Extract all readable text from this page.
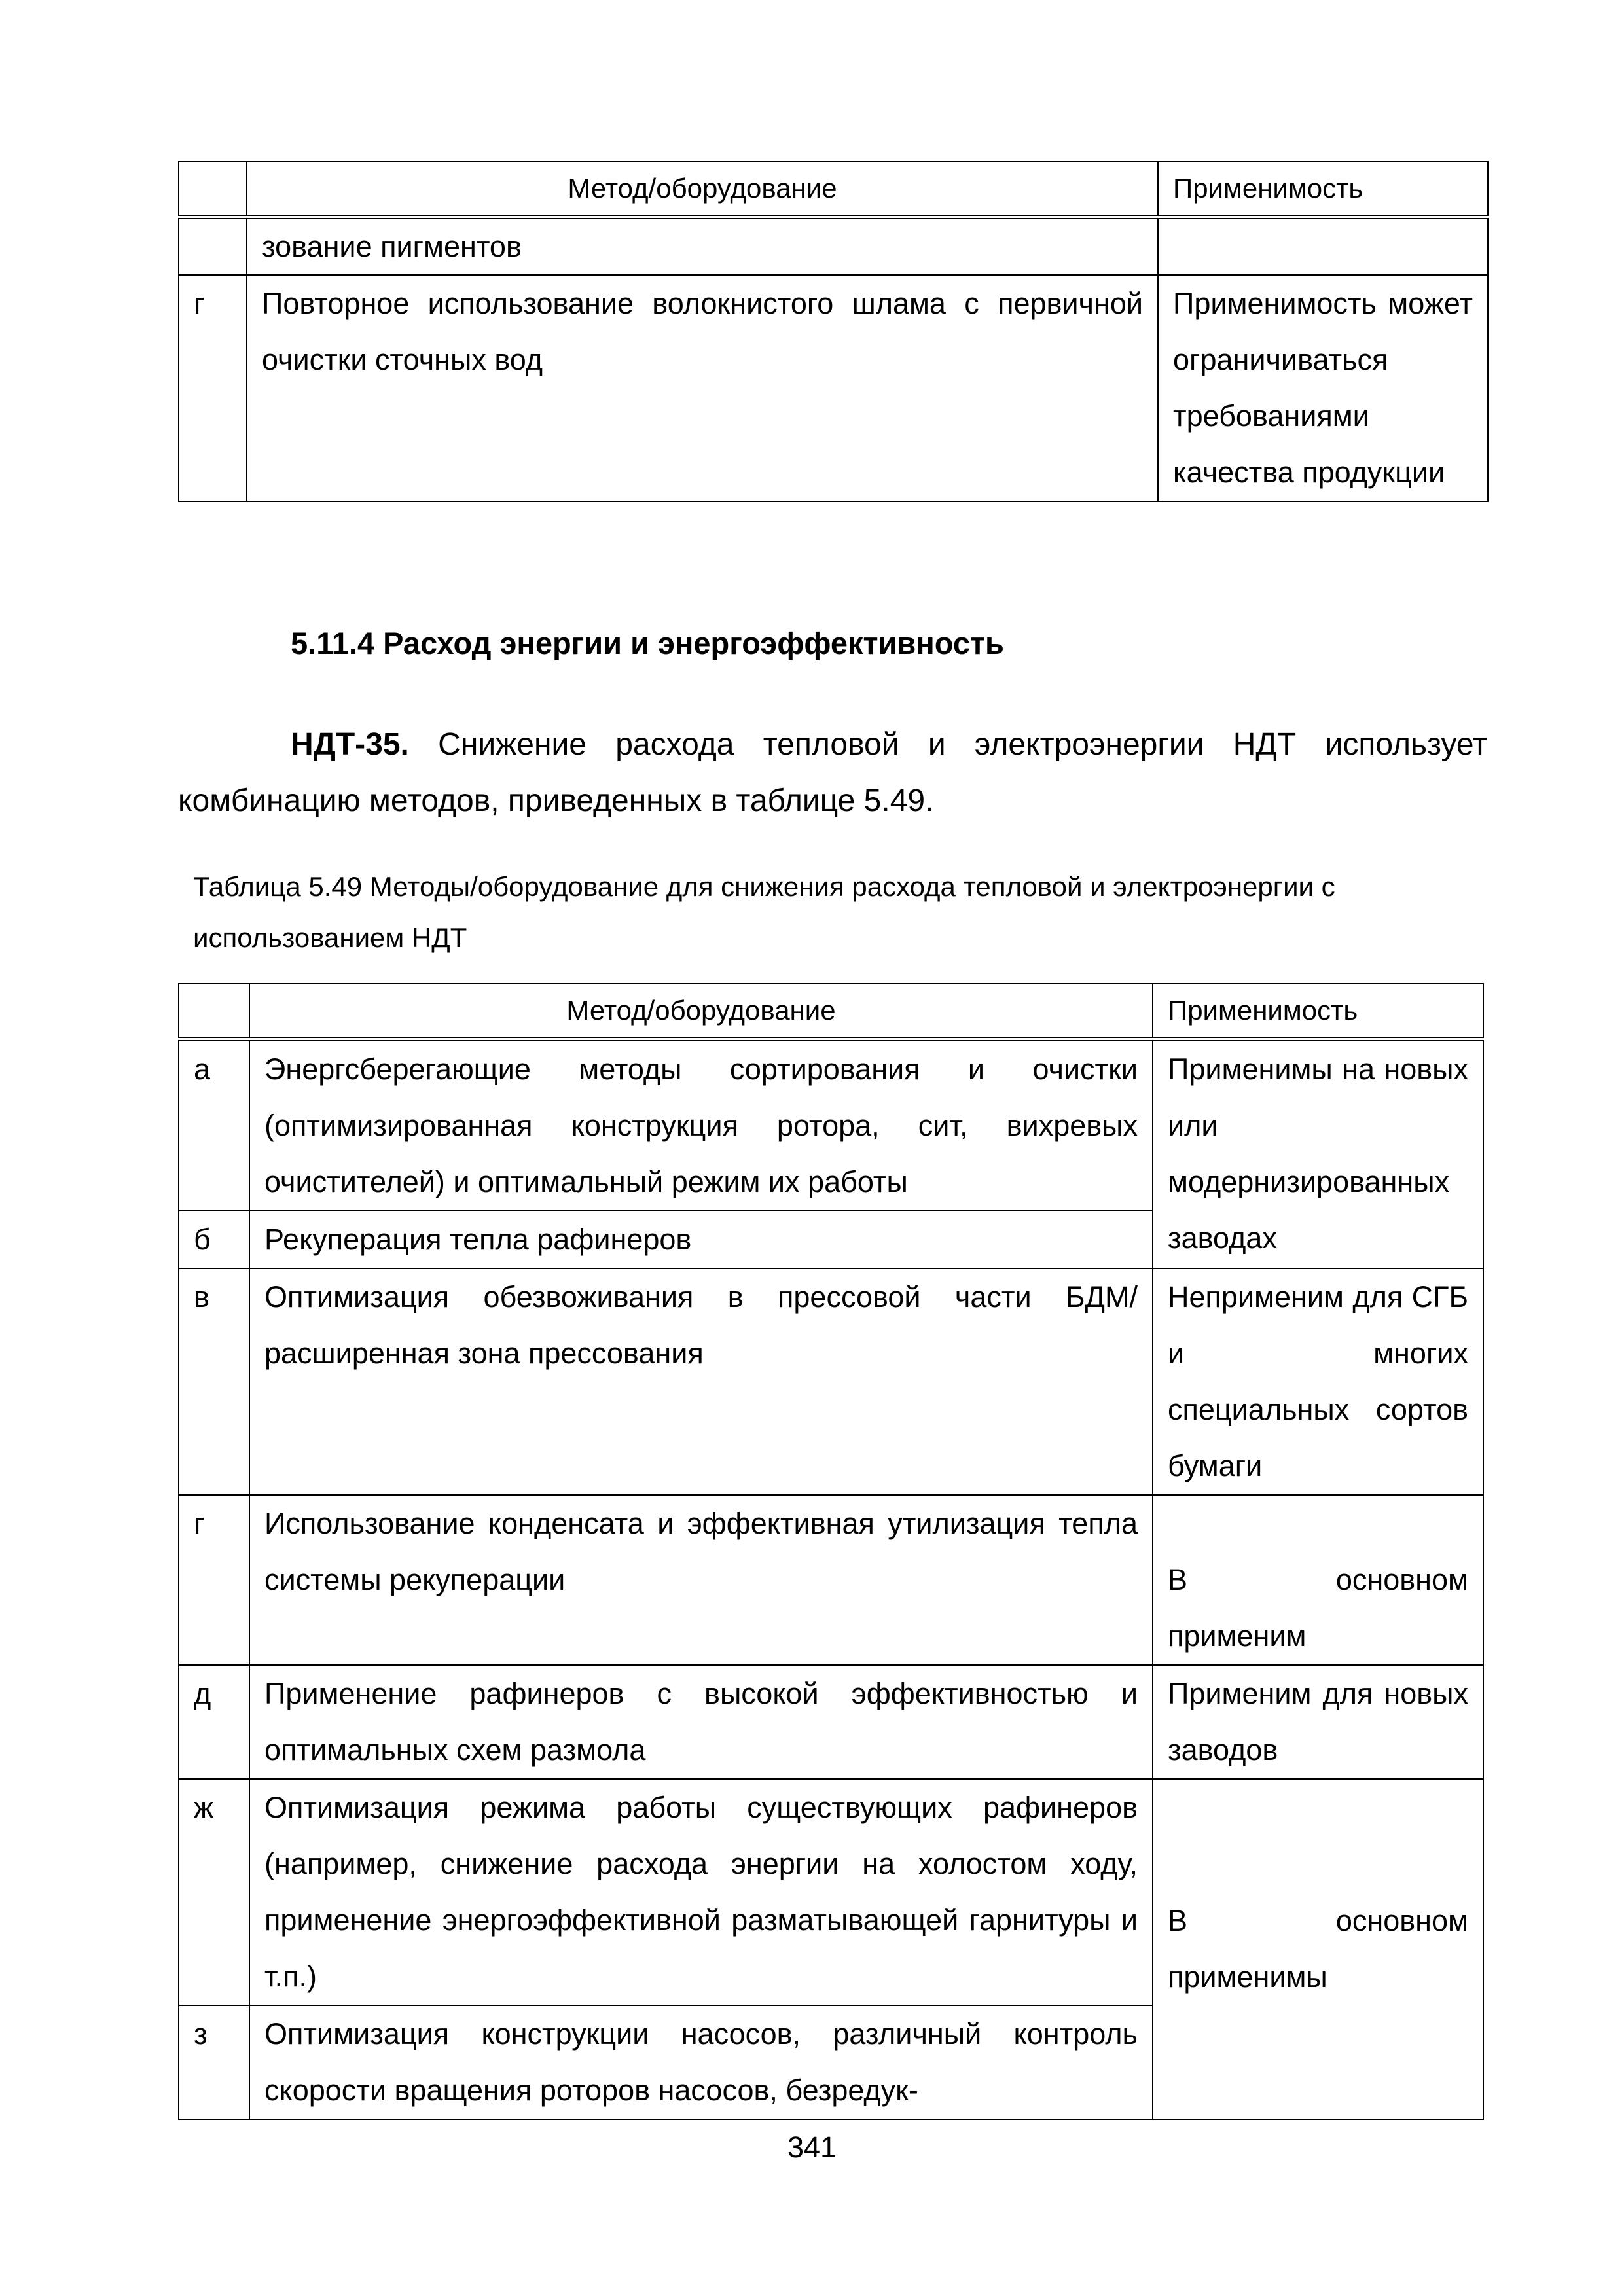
	Метод/оборудование	Применимость
	зование пигментов	
г	Повторное использование волокнистого шлама с первичной очистки сточных вод	Применимость может ограничиваться требованиями качества продукции
5.11.4 Расход энергии и энергоэффективность
НДТ-35. Снижение расхода тепловой и электроэнергии НДТ использует комбинацию методов, приведенных в таблице 5.49.
Таблица 5.49 Методы/оборудование для снижения расхода тепловой и электроэнергии с использованием НДТ
	Метод/оборудование	Применимость
а	Энергсберегающие методы сортирования и очистки (оптимизированная конструкция ротора, сит, вихревых очистителей) и оптимальный режим их работы	Применимы на новых или модернизированных заводах
б	Рекуперация тепла рафинеров	
в	Оптимизация обезвоживания в прессовой части БДМ/расширенная зона прессования	Неприменим для СГБ и многих специальных сортов бумаги
г	Использование конденсата и эффективная утилизация тепла системы рекуперации	В основном применим
д	Применение рафинеров с высокой эффективностью и оптимальных схем размола	Применим для новых заводов
ж	Оптимизация режима работы существующих рафинеров (например, снижение расхода энергии на холостом ходу, применение энергоэффективной разматывающей гарнитуры и т.п.)	В основном применимы
з	Оптимизация конструкции насосов, различный контроль скорости вращения роторов насосов, безредук-	
341
